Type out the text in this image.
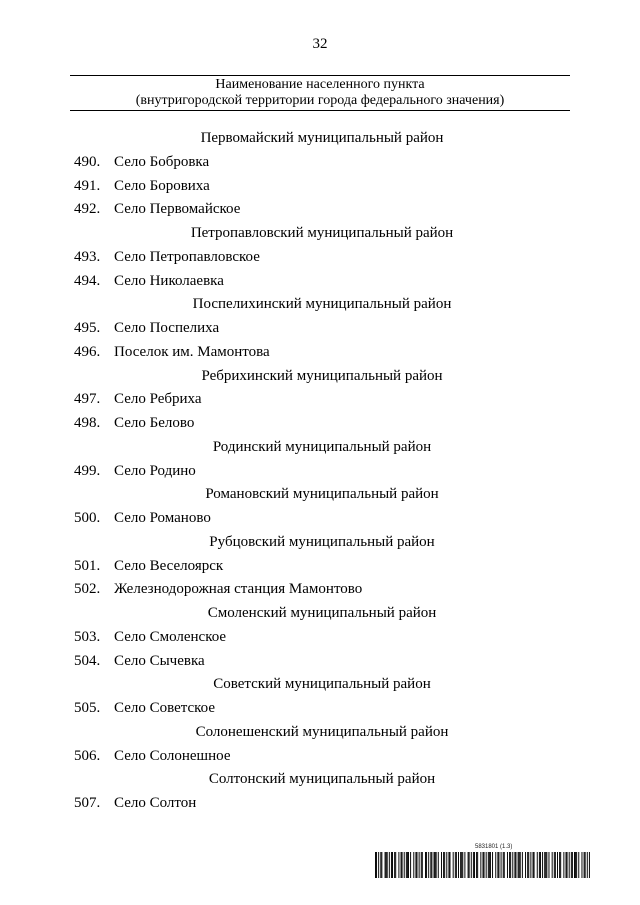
32
Наименование населенного пункта
(внутригородской территории города федерального значения)
Первомайский муниципальный район
490. Село Бобровка
491. Село Боровиха
492. Село Первомайское
Петропавловский муниципальный район
493. Село Петропавловское
494. Село Николаевка
Поспелихинский муниципальный район
495. Село Поспелиха
496. Поселок им. Мамонтова
Ребрихинский муниципальный район
497. Село Ребриха
498. Село Белово
Родинский муниципальный район
499. Село Родино
Романовский муниципальный район
500. Село Романово
Рубцовский муниципальный район
501. Село Веселоярск
502. Железнодорожная станция Мамонтово
Смоленский муниципальный район
503. Село Смоленское
504. Село Сычевка
Советский муниципальный район
505. Село Советское
Солонешенский муниципальный район
506. Село Солонешное
Солтонский муниципальный район
507. Село Солтон
5831801 (1.3)
